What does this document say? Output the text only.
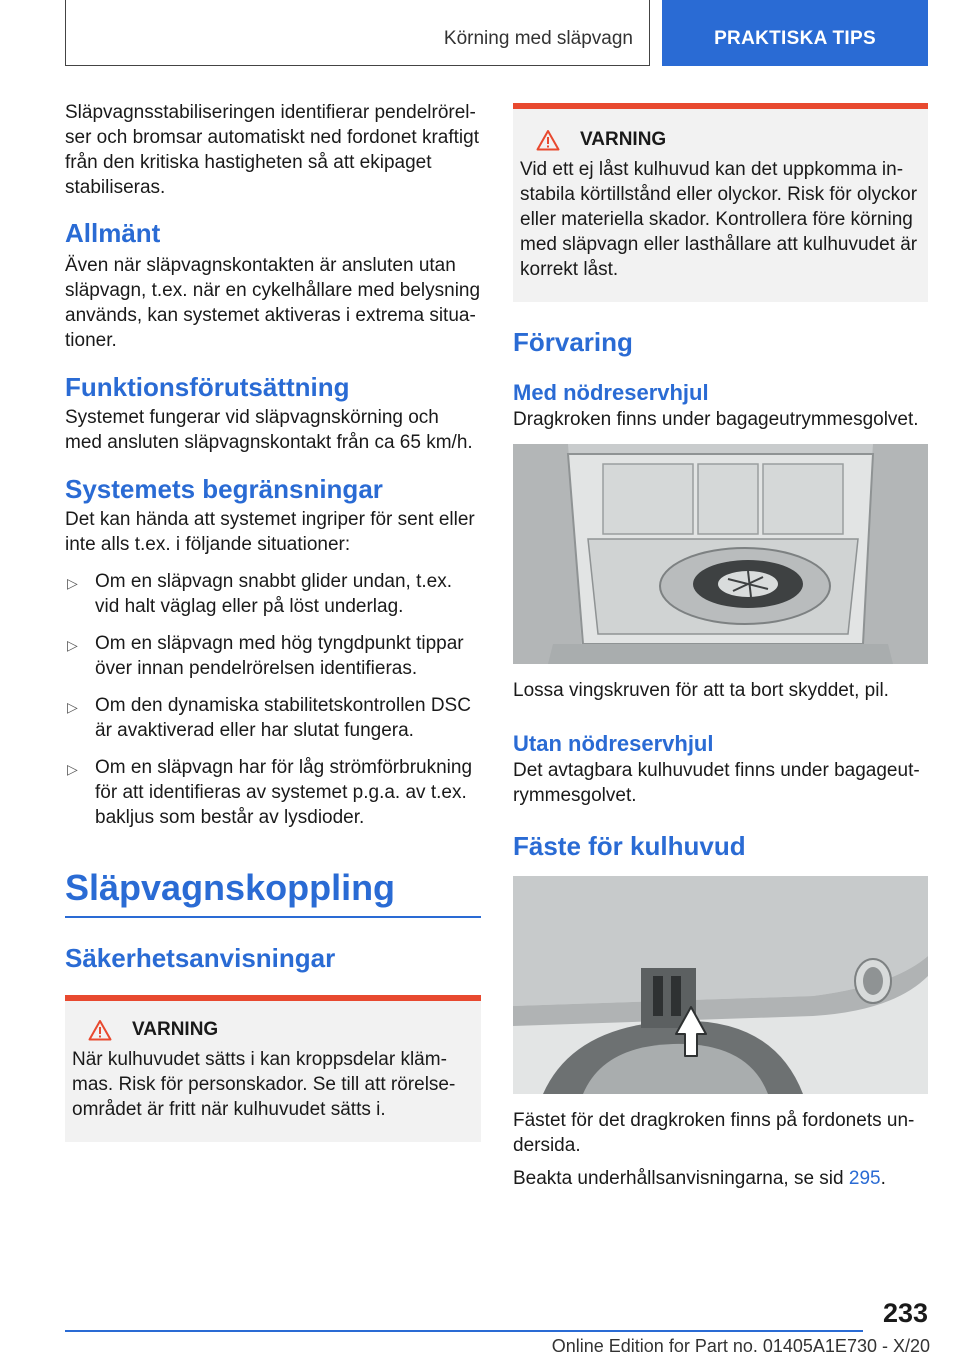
Körning med släpvagn	PRAKTISKA TIPS

Släpvagnsstabiliseringen identifierar pendelrörelser och bromsar automatiskt ned fordonet kraftigt från den kritiska hastigheten så att ekipaget stabiliseras.

Allmänt

Även när släpvagnskontakten är ansluten utan släpvagn, t.ex. när en cykelhållare med belysning används, kan systemet aktiveras i extrema situationer.

Funktionsförutsättning

Systemet fungerar vid släpvagnskörning och med ansluten släpvagnskontakt från ca 65 km/h.

Systemets begränsningar

Det kan hända att systemet ingriper för sent eller inte alls t.ex. i följande situationer:

▷ Om en släpvagn snabbt glider undan, t.ex. vid halt väglag eller på löst underlag.
▷ Om en släpvagn med hög tyngdpunkt tippar över innan pendelrörelsen identifieras.
▷ Om den dynamiska stabilitetskontrollen DSC är avaktiverad eller har slutat fungera.
▷ Om en släpvagn har för låg strömförbrukning för att identifieras av systemet p.g.a. av t.ex. bakljus som består av lysdioder.
Släpvagnskoppling
Säkerhetsanvisningar
VARNING

När kulhuvudet sätts i kan kroppsdelar klämmas. Risk för personskador. Se till att rörelseområdet är fritt när kulhuvudet sätts i.

VARNING

Vid ett ej låst kulhuvud kan det uppkomma instabila körtillstånd eller olyckor. Risk för olyckor eller materiella skador. Kontrollera före körning med släpvagn eller lasthållare att kulhuvudet är korrekt låst.

Förvaring
Med nödreservhjul

Dragkroken finns under bagageutrymmesgolvet.

Lossa vingskruven för att ta bort skyddet, pil.

Utan nödreservhjul

Det avtagbara kulhuvudet finns under bagageutrymmesgolvet.

Fäste för kulhuvud

Fästet för det dragkroken finns på fordonets undersida.

Beakta underhållsanvisningarna, se sid 295.

233
Online Edition for Part no. 01405A1E730 - X/20
